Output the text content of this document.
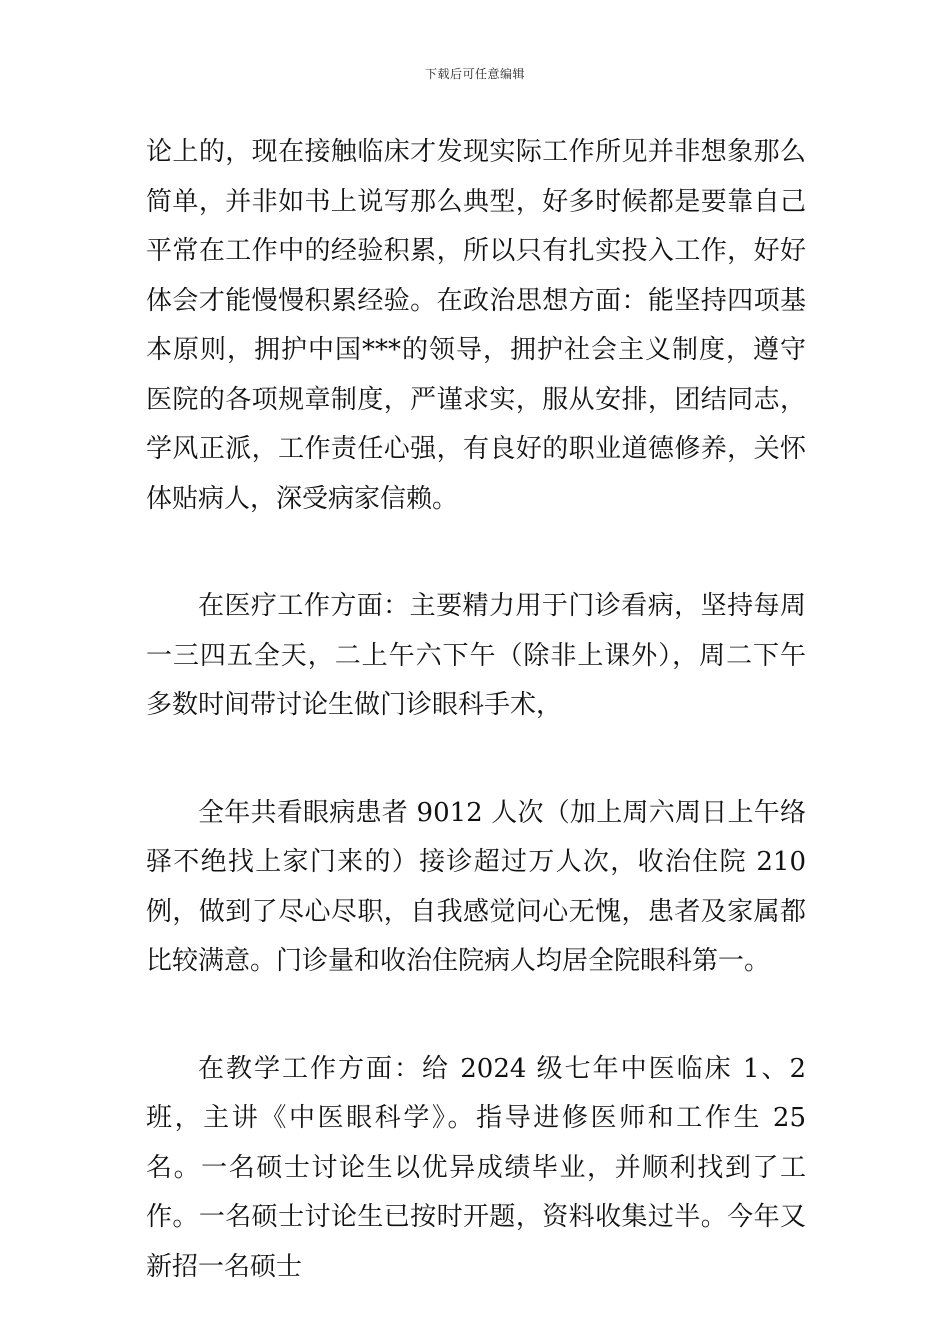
下载后可任意编辑

论上的，现在接触临床才发现实际工作所见并非想象那么简单，并非如书上说写那么典型，好多时候都是要靠自己平常在工作中的经验积累，所以只有扎实投入工作，好好体会才能慢慢积累经验。在政治思想方面：能坚持四项基本原则，拥护中国***的领导，拥护社会主义制度，遵守医院的各项规章制度，严谨求实，服从安排，团结同志，学风正派，工作责任心强，有良好的职业道德修养，关怀体贴病人，深受病家信赖。

在医疗工作方面：主要精力用于门诊看病，坚持每周一三四五全天，二上午六下午（除非上课外），周二下午多数时间带讨论生做门诊眼科手术，

全年共看眼病患者 9012 人次（加上周六周日上午络驿不绝找上家门来的）接诊超过万人次，收治住院 210 例，做到了尽心尽职，自我感觉问心无愧，患者及家属都比较满意。门诊量和收治住院病人均居全院眼科第一。

在教学工作方面：给 2024 级七年中医临床 1、2 班，主讲《中医眼科学》。指导进修医师和工作生 25 名。一名硕士讨论生以优异成绩毕业，并顺利找到了工作。一名硕士讨论生已按时开题，资料收集过半。今年又新招一名硕士
